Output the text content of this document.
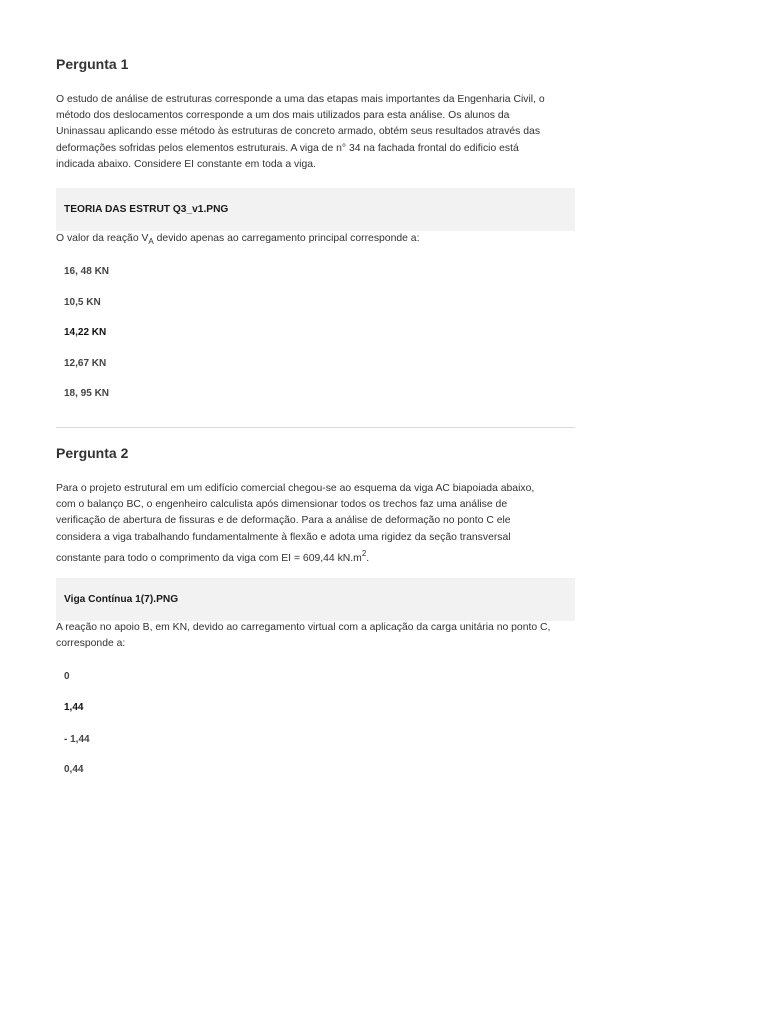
Pergunta 1

O estudo de análise de estruturas corresponde a uma das etapas mais importantes da Engenharia Civil, o

método dos deslocamentos corresponde a um dos mais utilizados para esta análise. Os alunos da

Uninassau aplicando esse método às estruturas de concreto armado, obtém seus resultados através das

deformações sofridas pelos elementos estruturais. A viga de n° 34 na fachada frontal do edificio está

indicada abaixo. Considere EI constante em toda a viga.

TEORIA DAS ESTRUT Q3_v1.PNG

O valor da reação $V_A$ devido apenas ao carregamento principal corresponde a:

16, 48 KN
10,5 KN
14,22 KN
12,67 KN
18, 95 KN
Pergunta 2

Para o projeto estrutural em um edifício comercial chegou-se ao esquema da viga AC biapoiada abaixo,

com o balanço BC, o engenheiro calculista após dimensionar todos os trechos faz uma análise de

verificação de abertura de fissuras e de deformação. Para a análise de deformação no ponto C ele

considera a viga trabalhando fundamentalmente à flexão e adota uma rigidez da seção transversal

constante para todo o comprimento da viga com EI = 609,44 $kN.m^2$.

Viga Contínua 1(7).PNG

A reação no apoio B, em KN, devido ao carregamento virtual com a aplicação da carga unitária no ponto C,

corresponde a:

0
1,44
- 1,44
0,44
